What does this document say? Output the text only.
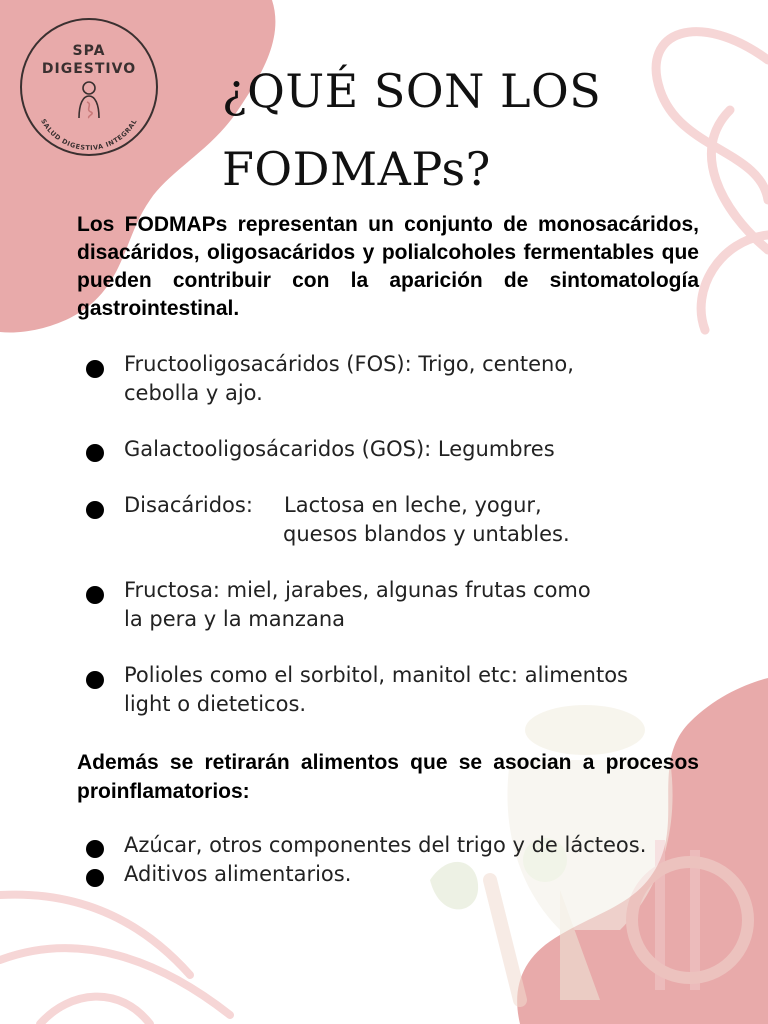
SPA
DIGESTIVO
SALUD DIGESTIVA INTEGRAL
¿QUÉ SON LOS
FODMAPs?

Los FODMAPs representan un conjunto de monosacáridos, disacáridos, oligosacáridos y polialcoholes fermentables que pueden contribuir con la aparición de sintomatología gastrointestinal.

Fructooligosacáridos (FOS): Trigo, centeno,
cebolla y ajo.

Galactooligosácaridos (GOS): Legumbres

Disacáridos: Lactosa en leche, yogur,
quesos blandos y untables.

Fructosa: miel, jarabes, algunas frutas como
la pera y la manzana

Polioles como el sorbitol, manitol etc: alimentos light o dieteticos.

Además se retirarán alimentos que se asocian a procesos proinflamatorios:

Azúcar, otros componentes del trigo y de lácteos.

Aditivos alimentarios.
